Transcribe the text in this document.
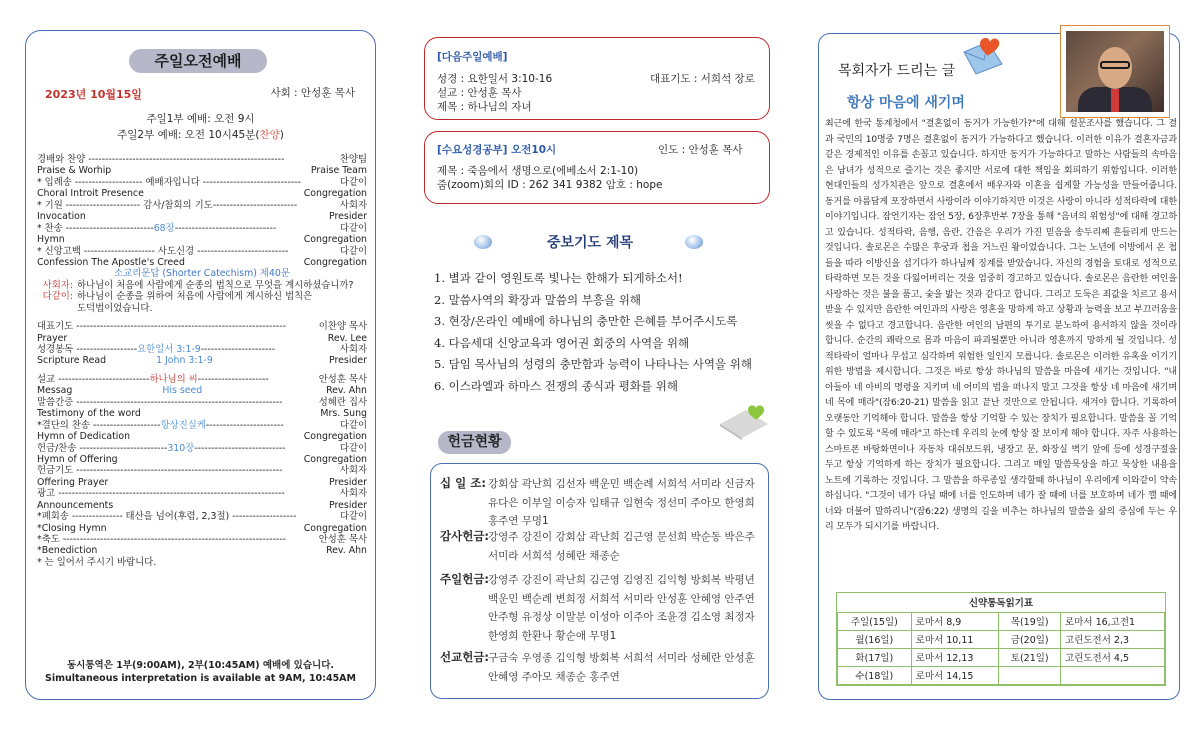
주일오전예배
2023년 10월15일	사회 : 안성훈 목사
주일1부 예배: 오전 9시
주일2부 예배: 오전 10시45분(찬양)
경배와 찬양 ----------------------------------------------------------	찬양팀
Praise & Worhip	Praise Team
* 입례송 -------------------- 예배자입니다 -----------------------------	다같이
Choral Introit Presence	Congregation
* 기원 ---------------------- 감사/참회의 기도-------------------------	사회자
Invocation	Presider
* 찬송 --------------------------68장------------------------------	다같이
Hymn	Congregation
* 신앙고백 --------------------- 사도신경 ---------------------------	다같이
Confession The Apostle's Creed	Congregation
소교리문답 (Shorter Catechism) 제40문
사회자: 하나님이 처음에 사람에게 순종의 법칙으로 무엇을 계시하셨습니까?
다같이: 하나님이 순종을 위하여 처음에 사람에게 계시하신 법칙은
도덕법이었습니다.
대표기도 --------------------------------------------------------------	이찬양 목사
Prayer	Rev. Lee
성경봉독 ------------------요한일서 3:1-9----------------------	사회자
Scripture Read	1 John 3:1-9	Presider
설교 ---------------------------하나님의 씨---------------------	안성훈 목사
Messag	His seed	Rev. Ahn
말씀간증 -------------------------------------------------------------	성혜란 집사
Testimony of the word	Mrs. Sung
*결단의 찬송 --------------------항상진실케-----------------------	다같이
Hymn of Dedication	Congregation
헌금/찬송 --------------------------310장---------------------------	다같이
Hymn of Offering	Congregation
헌금기도 -------------------------------------------------------------	사회자
Offering Prayer	Presider
광고 -------------------------------------------------------------------	사회자
Announcements	Presider
*폐회송 --------------- 태산을 넘어(후렴, 2,3절) -------------------	다같이
*Closing Hymn	Congregation
*축도 ------------------------------------------------------------------	안성훈 목사
*Benediction	Rev. Ahn
* 는 일어서 주시기 바랍니다.
동시통역은 1부(9:00AM), 2부(10:45AM) 예배에 있습니다.
Simultaneous interpretation is available at 9AM, 10:45AM
[다음주일예배]
성경 : 요한일서 3:10-16	대표기도 : 서희석 장로
설교 : 안성훈 목사
제목 : 하나님의 자녀
[수요성경공부] 오전10시	인도 : 안성훈 목사
제목 : 죽음에서 생명으로(에베소서 2:1-10)
줌(zoom)회의 ID : 262 341 9382 암호 : hope
중보기도 제목
1. 별과 같이 영원토록 빛나는 한해가 되게하소서!
2. 말씀사역의 확장과 말씀의 부흥을 위해
3. 현장/온라인 예배에 하나님의 충만한 은혜를 부어주시도록
4. 다음세대 신앙교육과 영어권 회중의 사역을 위해
5. 담임 목사님의 성령의 충만함과 능력이 나타나는 사역을 위해
6. 이스라엘과 하마스 전쟁의 종식과 평화를 위해
헌금현황
십 일 조: 강회삼 곽난희 김선자 백운민 백순례 서희석 서미라 신금자 유다은 이부일 이승자 임태규 임현숙 정선미 주아모 한영희 홍주연 무명1
감사헌금:
강영주 강진이 강회삼 곽난희 김근영 문선희 박순동 박은주 서미라 서희석 성혜란 채종순
주일헌금:
강영주 강진이 곽난희 김근영 김영진 김익형 방회복 박평년 백운민 백순례 변희정 서희석 서미라 안성훈 안혜영 안주연 안주형 유정상 이말분 이성아 이주아 조윤경 김소영 최정자 한영희 한환나 황순애 무명1
선교헌금:
구금숙 우영종 김익형 방회복 서희석 서미라 성혜란 안성훈 안혜영 주아모 채종순 홍주연
목회자가 드리는 글
항상 마음에 새기며
최근에 한국 통계청에서 "결혼없이 동거가 가능한가?"에 대해 설문조사를 했습니다. 그 결과 국민의 10명중 7명은 결혼없이 동거가 가능하다고 했습니다. 이러한 이유가 결혼자금과 같은 경제적인 이유를 손꼽고 있습니다. 하지만 동거가 가능하다고 말하는 사람들의 속마음은 남녀가 성적으로 즐기는 것은 좋지만 서로에 대한 책임을 회피하기 위함입니다. 이러한 현대인들의 성가치관은 앞으로 결혼에서 배우자와 이혼을 쉽게할 가능성을 만들어줍니다. 동거를 아름답게 포장하면서 사랑이라 이야기하지만 이것은 사랑이 아니라 성적타락에 대한 이야기입니다. 잠언기자는 잠언 5장, 6장후반부 7장을 통해 "음녀의 위험성"에 대해 경고하고 있습니다. 성적타락, 음행, 음란, 간음은 우리가 가진 믿음을 송두리째 흔들리게 만드는 것입니다. 솔로몬은 수많은 후궁과 첩을 거느린 왕이었습니다. 그는 노년에 이방에서 온 첩들을 따라 이방신을 섬기다가 하나님께 징계를 받았습니다. 자신의 경험을 토대로 성적으로 타락하면 모든 것을 다잃어버리는 것을 엄중히 경고하고 있습니다. 솔로몬은 음란한 여인을 사랑하는 것은 불을 품고, 숯을 밟는 것과 같다고 합니다. 그리고 도둑은 죄값을 치르고 용서받을 수 있지만 음란한 여인과의 사랑은 영혼을 망하게 하고 상황과 능력을 보고 부끄러움을 씻을 수 없다고 경고합니다. 음란한 여인의 남편의 투기로 분노하여 용서하지 않을 것이라 합니다. 순간의 쾌락으로 몸과 마음이 파괴될뿐만 아니라 영혼까지 망하게 될 것입니다. 성적타락이 얼마나 무섭고 심각하며 위험한 일인지 모릅니다. 솔로몬은 이러한 유혹을 이기기 위한 방법을 제시합니다. 그것은 바로 항상 하나님의 말씀을 마음에 새기는 것입니다. "내 아들아 네 아비의 명령을 지키며 네 어미의 법을 떠나지 말고 그것을 항상 네 마음에 새기며 네 목에 매라"(잠6:20-21) 말씀을 읽고 끝난 것만으로 안됩니다. 새겨야 합니다. 기록하여 오랫동안 기억해야 합니다. 말씀을 항상 기억할 수 있는 장치가 필요합니다. 말씀을 꼴 기억할 수 있도록 "목에 매라"고 하는데 우리의 눈에 항상 잘 보이게 해야 합니다. 자주 사용하는 스마트폰 바탕화면이나 자동차 대쉬보드위, 냉장고 문, 화장실 벽기 앞에 등에 성경구절을 두고 항상 기억하게 하는 장치가 필요합니다. 그리고 매일 말씀묵상을 하고 묵상한 내용을 노트에 기록하는 것입니다. 그 말씀을 하루종일 생각할때 하나님이 우리에게 이와같이 약속하십니다. "그것이 네가 다닐 때에 너를 인도하며 네가 잘 때에 너를 보호하며 네가 깰 때에 너와 더불어 말하리니"(잠6:22) 생명의 길을 비추는 하나님의 말씀을 삶의 중심에 두는 우리 모두가 되시기를 바랍니다.
신약통독읽기표			
주일(15일)	로마서 8,9	목(19일)	로마서 16,고전1
월(16일)	로마서 10,11	금(20일)	고린도전서 2,3
화(17일)	로마서 12,13	토(21일)	고린도전서 4,5
수(18일)	로마서 14,15		
